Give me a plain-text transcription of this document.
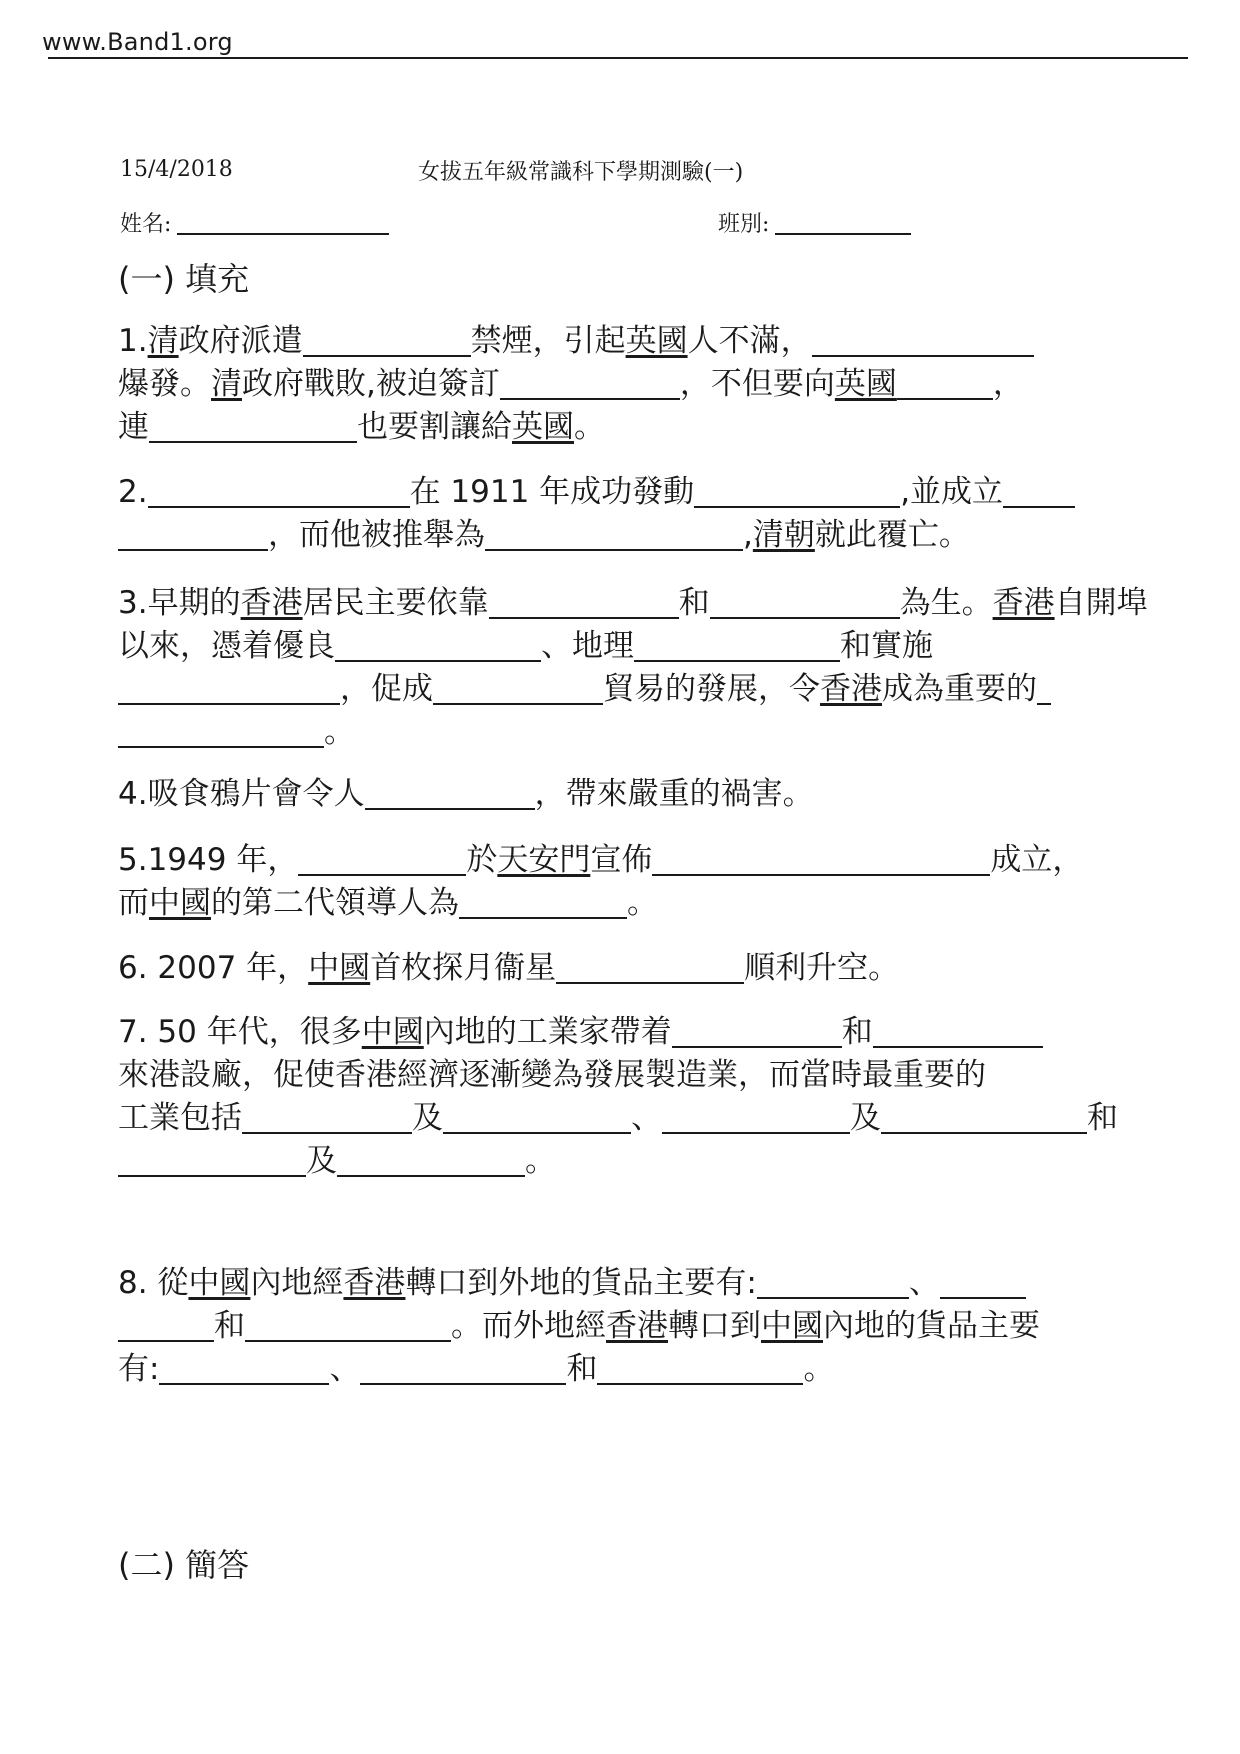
www.Band1.org
15/4/2018	女拔五年級常識科下學期測驗(一)
姓名:	班別:
(一) 填充
1.清政府派遣	禁煙，引起英國人不滿，
爆發。清政府戰敗,被迫簽訂	，不但要向英國	，
連	也要割讓給英國。
2.	在 1911 年成功發動	,並成立
，而他被推舉為	,清朝就此覆亡。
3.早期的香港居民主要依靠	和	為生。香港自開埠以來，憑着優良	、地理	和實施
，促成	貿易的發展，令香港成為重要的
。
4.吸食鴉片會令人	，帶來嚴重的禍害。
5.1949 年，	於天安門宣佈	成立，
而中國的第二代領導人為	。
6. 2007 年，中國首枚探月衞星	順利升空。
7. 50 年代，很多中國內地的工業家帶着	和
來港設廠，促使香港經濟逐漸變為發展製造業，而當時最重要的
工業包括	及	、	及	和
及	。
8. 從中國內地經香港轉口到外地的貨品主要有:	、
和	。而外地經香港轉口到中國內地的貨品主要
有:	、	和	。
(二) 簡答
